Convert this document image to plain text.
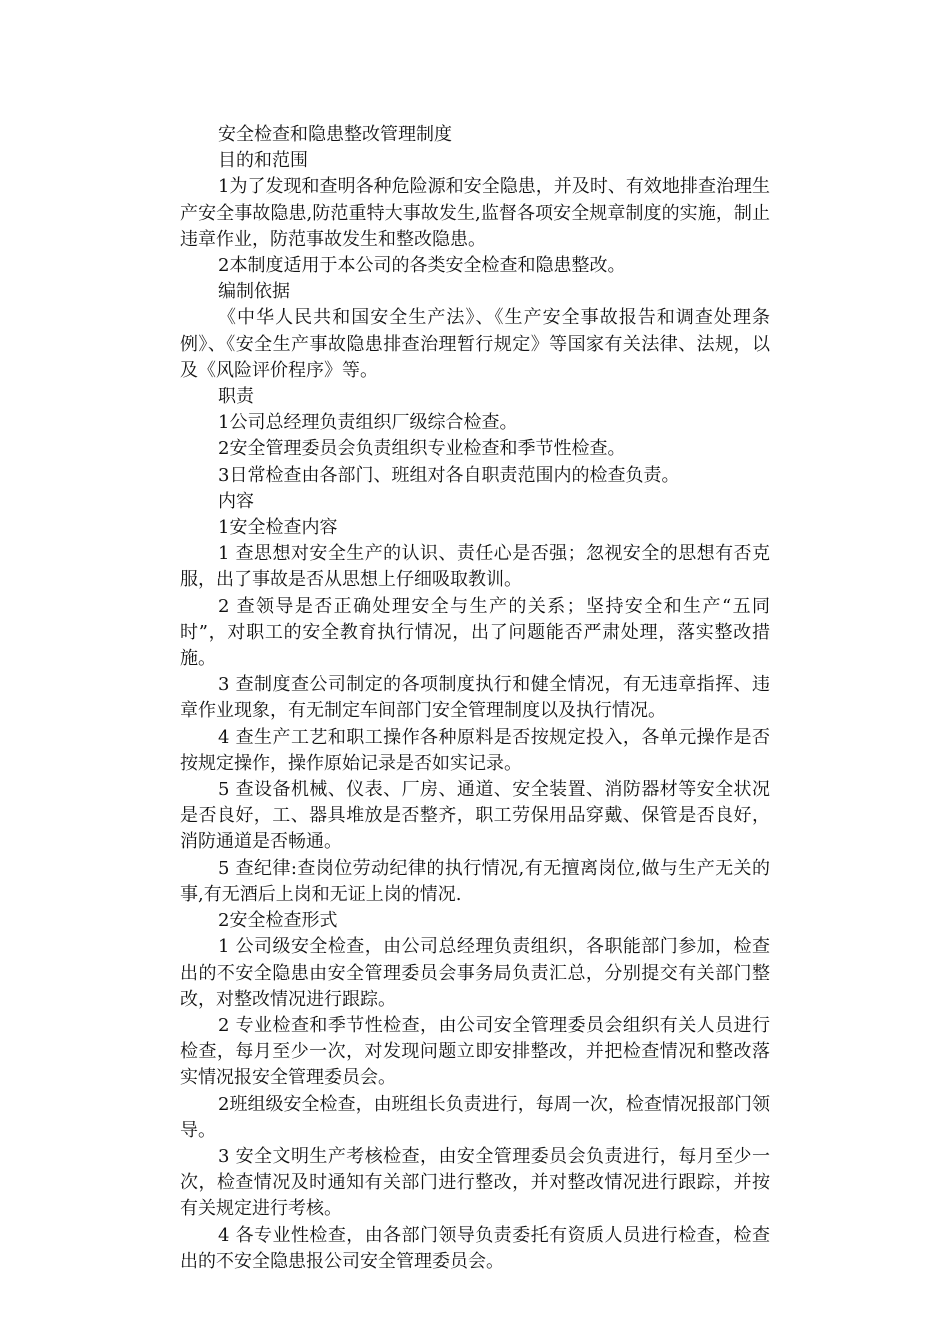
安全检查和隐患整改管理制度

目的和范围

1为了发现和查明各种危险源和安全隐患，并及时、有效地排查治理生产安全事故隐患,防范重特大事故发生,监督各项安全规章制度的实施，制止违章作业，防范事故发生和整改隐患。

2本制度适用于本公司的各类安全检查和隐患整改。

编制依据

《中华人民共和国安全生产法》、《生产安全事故报告和调查处理条例》、《安全生产事故隐患排查治理暂行规定》等国家有关法律、法规，以及《风险评价程序》等。

职责

1公司总经理负责组织厂级综合检查。

2安全管理委员会负责组织专业检查和季节性检查。

3日常检查由各部门、班组对各自职责范围内的检查负责。

内容

1安全检查内容

1 查思想对安全生产的认识、责任心是否强；忽视安全的思想有否克服，出了事故是否从思想上仔细吸取教训。

2 查领导是否正确处理安全与生产的关系；坚持安全和生产“五同时”，对职工的安全教育执行情况，出了问题能否严肃处理，落实整改措施。

3 查制度查公司制定的各项制度执行和健全情况，有无违章指挥、违章作业现象，有无制定车间部门安全管理制度以及执行情况。

4 查生产工艺和职工操作各种原料是否按规定投入，各单元操作是否按规定操作，操作原始记录是否如实记录。

5 查设备机械、仪表、厂房、通道、安全装置、消防器材等安全状况是否良好，工、器具堆放是否整齐，职工劳保用品穿戴、保管是否良好，消防通道是否畅通。

5 查纪律:查岗位劳动纪律的执行情况,有无擅离岗位,做与生产无关的事,有无酒后上岗和无证上岗的情况.

2安全检查形式

1 公司级安全检查，由公司总经理负责组织，各职能部门参加，检查出的不安全隐患由安全管理委员会事务局负责汇总，分别提交有关部门整改，对整改情况进行跟踪。

2 专业检查和季节性检查，由公司安全管理委员会组织有关人员进行检查，每月至少一次，对发现问题立即安排整改，并把检查情况和整改落实情况报安全管理委员会。

2班组级安全检查，由班组长负责进行，每周一次，检查情况报部门领导。

3 安全文明生产考核检查，由安全管理委员会负责进行，每月至少一次，检查情况及时通知有关部门进行整改，并对整改情况进行跟踪，并按有关规定进行考核。

4 各专业性检查，由各部门领导负责委托有资质人员进行检查，检查出的不安全隐患报公司安全管理委员会。
